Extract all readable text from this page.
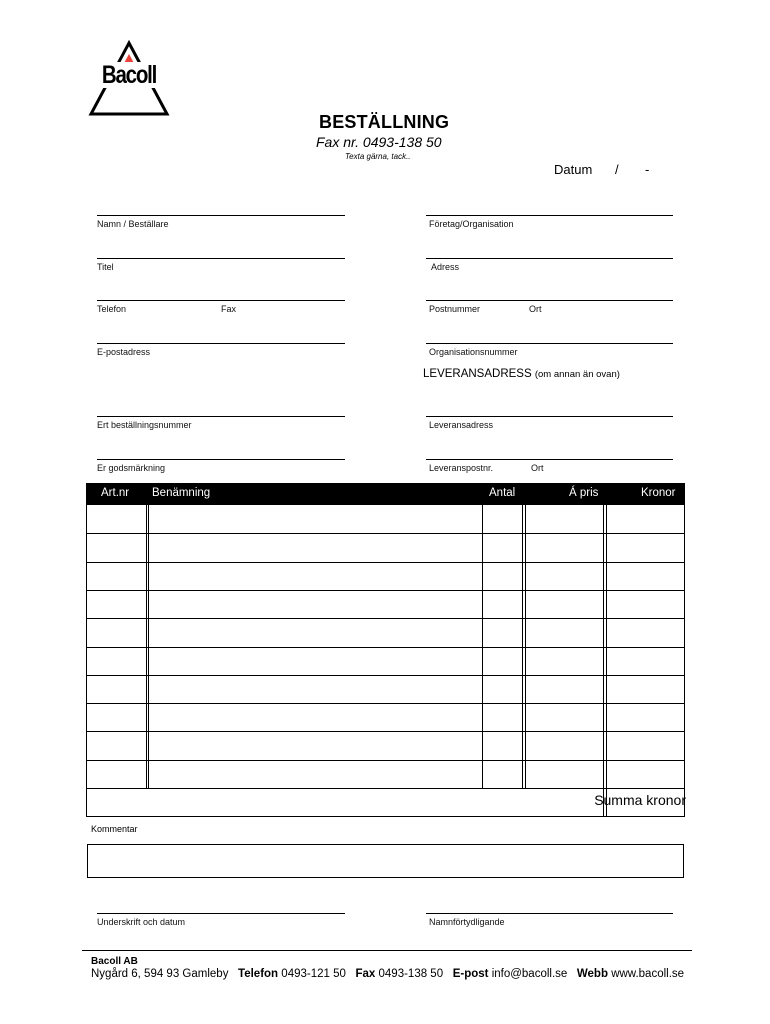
Bacoll
BESTÄLLNING
Fax nr. 0493-138 50
Texta gärna, tack..
Datum / -
Namn / Beställare
Titel
Telefon	Fax
E-postadress
Ert beställningsnummer
Er godsmärkning
Företag/Organisation
Adress
Postnummer	Ort
Organisationsnummer
LEVERANSADRESS (om annan än ovan)
Leveransadress
Leveranspostnr.	Ort
Art.nr Benämning	Antal	Á pris	Kronor
Summa kronor
Kommentar
Underskrift och datum	Namnförtydligande
Bacoll AB
Nygård 6, 594 93 Gamleby Telefon 0493-121 50 Fax 0493-138 50 E-post info@bacoll.se Webb www.bacoll.se
